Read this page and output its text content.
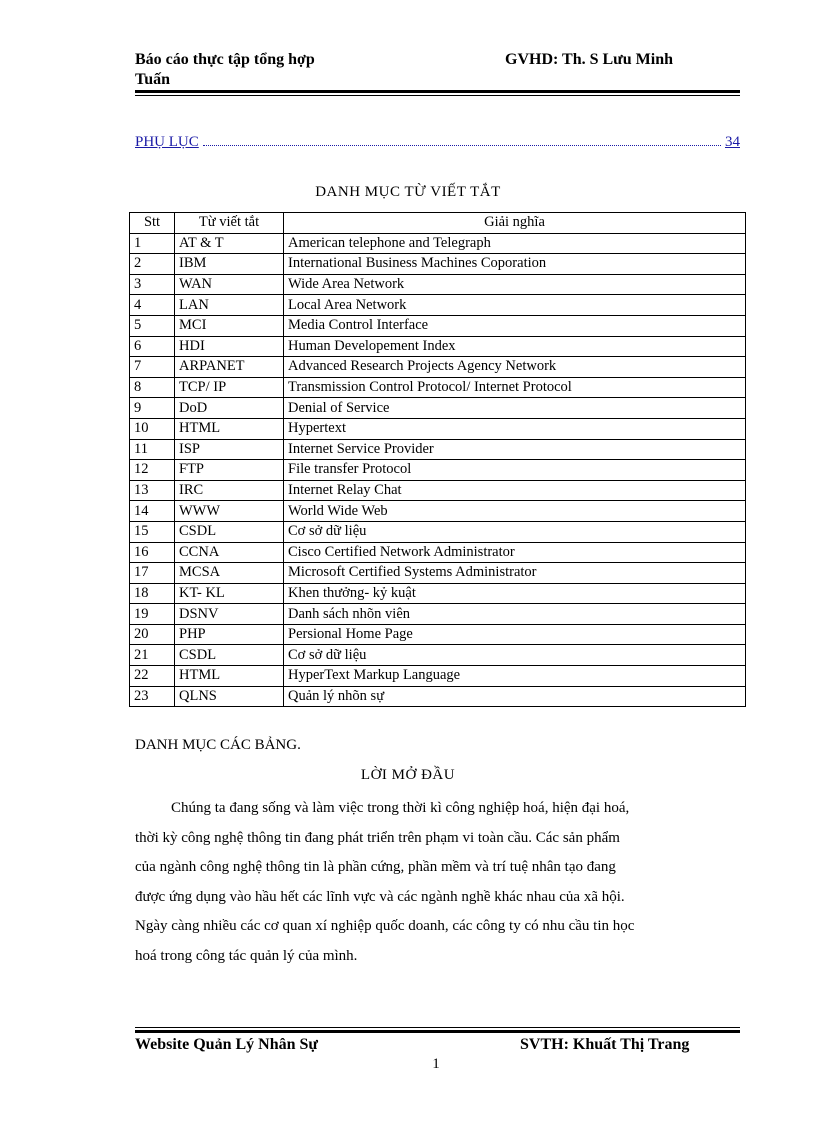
Báo cáo thực tập tổng hợp	GVHD: Th. S Lưu Minh
Tuấn
PHỤ LỤC	34
DANH MỤC TỪ VIẾT TẮT
Stt	Từ viết tắt	Giải nghĩa
1	AT & T	American telephone and Telegraph
2	IBM	International Business Machines Coporation
3	WAN	Wide Area Network
4	LAN	Local Area Network
5	MCI	Media Control Interface
6	HDI	Human Developement Index
7	ARPANET	Advanced Research Projects Agency Network
8	TCP/ IP	Transmission Control Protocol/ Internet Protocol
9	DoD	Denial of Service
10	HTML	Hypertext
11	ISP	Internet Service Provider
12	FTP	File transfer Protocol
13	IRC	Internet Relay Chat
14	WWW	World Wide Web
15	CSDL	Cơ sở dữ liệu
16	CCNA	Cisco Certified Network Administrator
17	MCSA	Microsoft Certified Systems Administrator
18	KT- KL	Khen thưởng- kỷ kuật
19	DSNV	Danh sách nhõn viên
20	PHP	Persional Home Page
21	CSDL	Cơ sở dữ liệu
22	HTML	HyperText Markup Language
23	QLNS	Quản lý nhõn sự
DANH MỤC CÁC BẢNG.
LỜI MỞ ĐẦU
Chúng ta đang sống và làm việc trong thời kì công nghiệp hoá, hiện đại hoá,
thời kỳ công nghệ thông tin đang phát triển trên phạm vi toàn cầu. Các sản phẩm
của ngành công nghệ thông tin là phần cứng, phần mềm và trí tuệ nhân tạo đang
được ứng dụng vào hầu hết các lĩnh vực và các ngành nghề khác nhau của xã hội.
Ngày càng nhiều các cơ quan xí nghiệp quốc doanh, các công ty có nhu cầu tin học
hoá trong công tác quản lý của mình.
Website Quản Lý Nhân Sự	SVTH: Khuất Thị Trang
1
